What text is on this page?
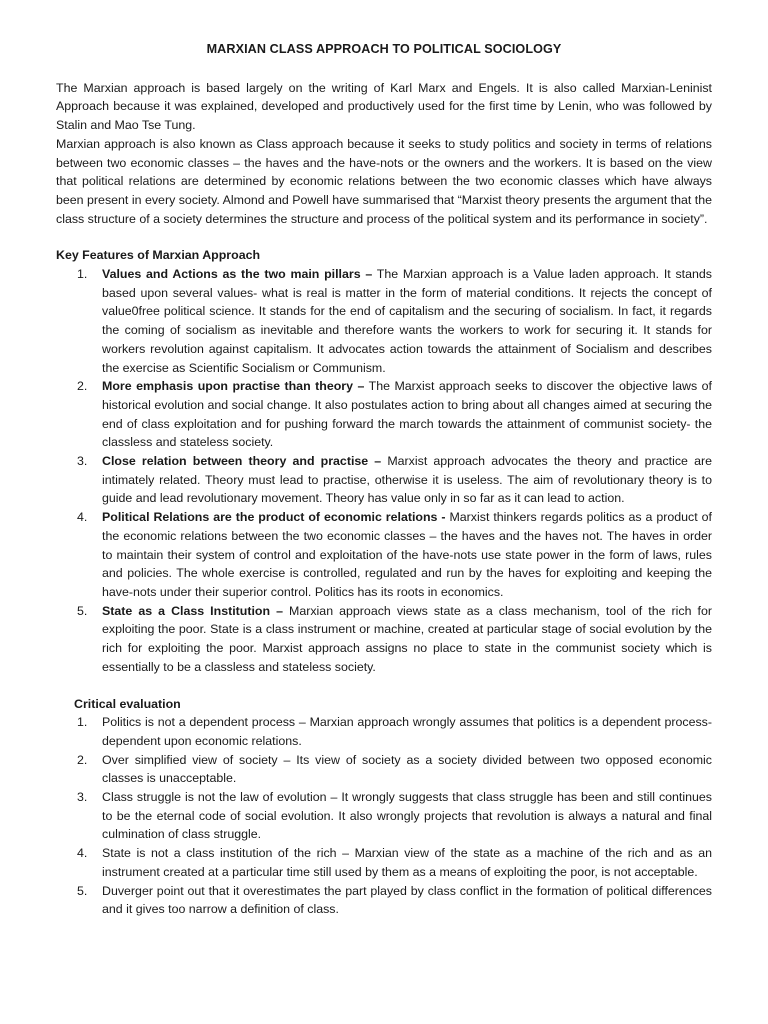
MARXIAN CLASS APPROACH TO POLITICAL SOCIOLOGY

The Marxian approach is based largely on the writing of Karl Marx and Engels. It is also called Marxian-Leninist Approach because it was explained, developed and productively used for the first time by Lenin, who was followed by Stalin and Mao Tse Tung.

Marxian approach is also known as Class approach because it seeks to study politics and society in terms of relations between two economic classes – the haves and the have-nots or the owners and the workers. It is based on the view that political relations are determined by economic relations between the two economic classes which have always been present in every society. Almond and Powell have summarised that “Marxist theory presents the argument that the class structure of a society determines the structure and process of the political system and its performance in society”.

Key Features of Marxian Approach
1. Values and Actions as the two main pillars – The Marxian approach is a Value laden approach. It stands based upon several values- what is real is matter in the form of material conditions. It rejects the concept of value0free political science. It stands for the end of capitalism and the securing of socialism. In fact, it regards the coming of socialism as inevitable and therefore wants the workers to work for securing it. It stands for workers revolution against capitalism. It advocates action towards the attainment of Socialism and describes the exercise as Scientific Socialism or Communism.
2. More emphasis upon practise than theory – The Marxist approach seeks to discover the objective laws of historical evolution and social change. It also postulates action to bring about all changes aimed at securing the end of class exploitation and for pushing forward the march towards the attainment of communist society- the classless and stateless society.
3. Close relation between theory and practise – Marxist approach advocates the theory and practice are intimately related. Theory must lead to practise, otherwise it is useless. The aim of revolutionary theory is to guide and lead revolutionary movement. Theory has value only in so far as it can lead to action.
4. Political Relations are the product of economic relations - Marxist thinkers regards politics as a product of the economic relations between the two economic classes – the haves and the haves not. The haves in order to maintain their system of control and exploitation of the have-nots use state power in the form of laws, rules and policies. The whole exercise is controlled, regulated and run by the haves for exploiting and keeping the have-nots under their superior control. Politics has its roots in economics.
5. State as a Class Institution – Marxian approach views state as a class mechanism, tool of the rich for exploiting the poor. State is a class instrument or machine, created at particular stage of social evolution by the rich for exploiting the poor. Marxist approach assigns no place to state in the communist society which is essentially to be a classless and stateless society.
Critical evaluation
1. Politics is not a dependent process – Marxian approach wrongly assumes that politics is a dependent process- dependent upon economic relations.
2. Over simplified view of society – Its view of society as a society divided between two opposed economic classes is unacceptable.
3. Class struggle is not the law of evolution – It wrongly suggests that class struggle has been and still continues to be the eternal code of social evolution. It also wrongly projects that revolution is always a natural and final culmination of class struggle.
4. State is not a class institution of the rich – Marxian view of the state as a machine of the rich and as an instrument created at a particular time still used by them as a means of exploiting the poor, is not acceptable.
5. Duverger point out that it overestimates the part played by class conflict in the formation of political differences and it gives too narrow a definition of class.
